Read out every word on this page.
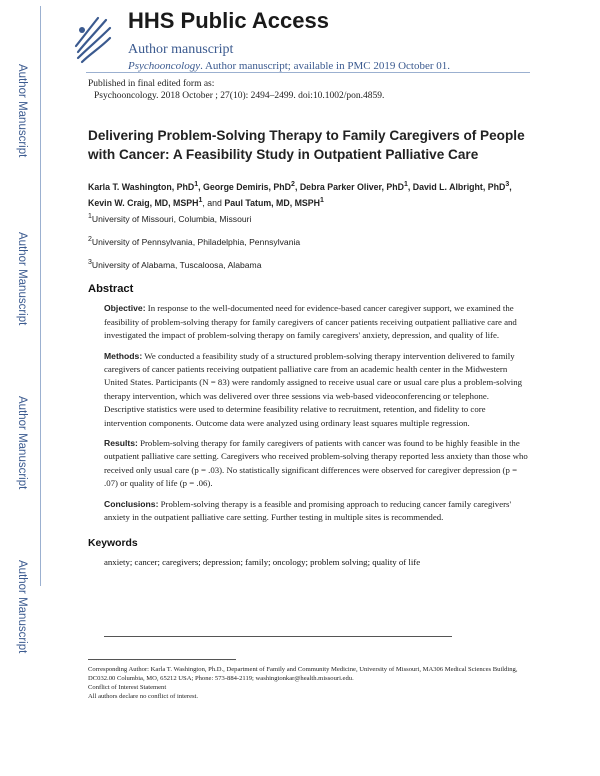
Author Manuscript
Author Manuscript
Author Manuscript
Author Manuscript
HHS Public Access
Author manuscript
Psychooncology. Author manuscript; available in PMC 2019 October 01.
Published in final edited form as:
Psychooncology. 2018 October ; 27(10): 2494–2499. doi:10.1002/pon.4859.
Delivering Problem-Solving Therapy to Family Caregivers of People with Cancer: A Feasibility Study in Outpatient Palliative Care
Karla T. Washington, PhD$^1$, George Demiris, PhD$^2$, Debra Parker Oliver, PhD$^1$, David L. Albright, PhD$^3$, Kevin W. Craig, MD, MSPH$^1$, and Paul Tatum, MD, MSPH$^1$
$^1$University of Missouri, Columbia, Missouri
$^2$University of Pennsylvania, Philadelphia, Pennsylvania
$^3$University of Alabama, Tuscaloosa, Alabama
Abstract

Objective: In response to the well-documented need for evidence-based cancer caregiver support, we examined the feasibility of problem-solving therapy for family caregivers of cancer patients receiving outpatient palliative care and investigated the impact of problem-solving therapy on family caregivers' anxiety, depression, and quality of life.

Methods: We conducted a feasibility study of a structured problem-solving therapy intervention delivered to family caregivers of cancer patients receiving outpatient palliative care from an academic health center in the Midwestern United States. Participants (N = 83) were randomly assigned to receive usual care or usual care plus a problem-solving therapy intervention, which was delivered over three sessions via web-based videoconferencing or telephone. Descriptive statistics were used to determine feasibility relative to recruitment, retention, and fidelity to core intervention components. Outcome data were analyzed using ordinary least squares multiple regression.

Results: Problem-solving therapy for family caregivers of patients with cancer was found to be highly feasible in the outpatient palliative care setting. Caregivers who received problem-solving therapy reported less anxiety than those who received only usual care (p = .03). No statistically significant differences were observed for caregiver depression (p = .07) or quality of life (p = .06).

Conclusions: Problem-solving therapy is a feasible and promising approach to reducing cancer family caregivers' anxiety in the outpatient palliative care setting. Further testing in multiple sites is recommended.

Keywords
anxiety; cancer; caregivers; depression; family; oncology; problem solving; quality of life
Corresponding Author: Karla T. Washington, Ph.D., Department of Family and Community Medicine, University of Missouri, MA306 Medical Sciences Building, DC032.00 Columbia, MO, 65212 USA; Phone: 573-884-2119; washingtonkar@health.missouri.edu.
Conflict of Interest Statement
All authors declare no conflict of interest.
